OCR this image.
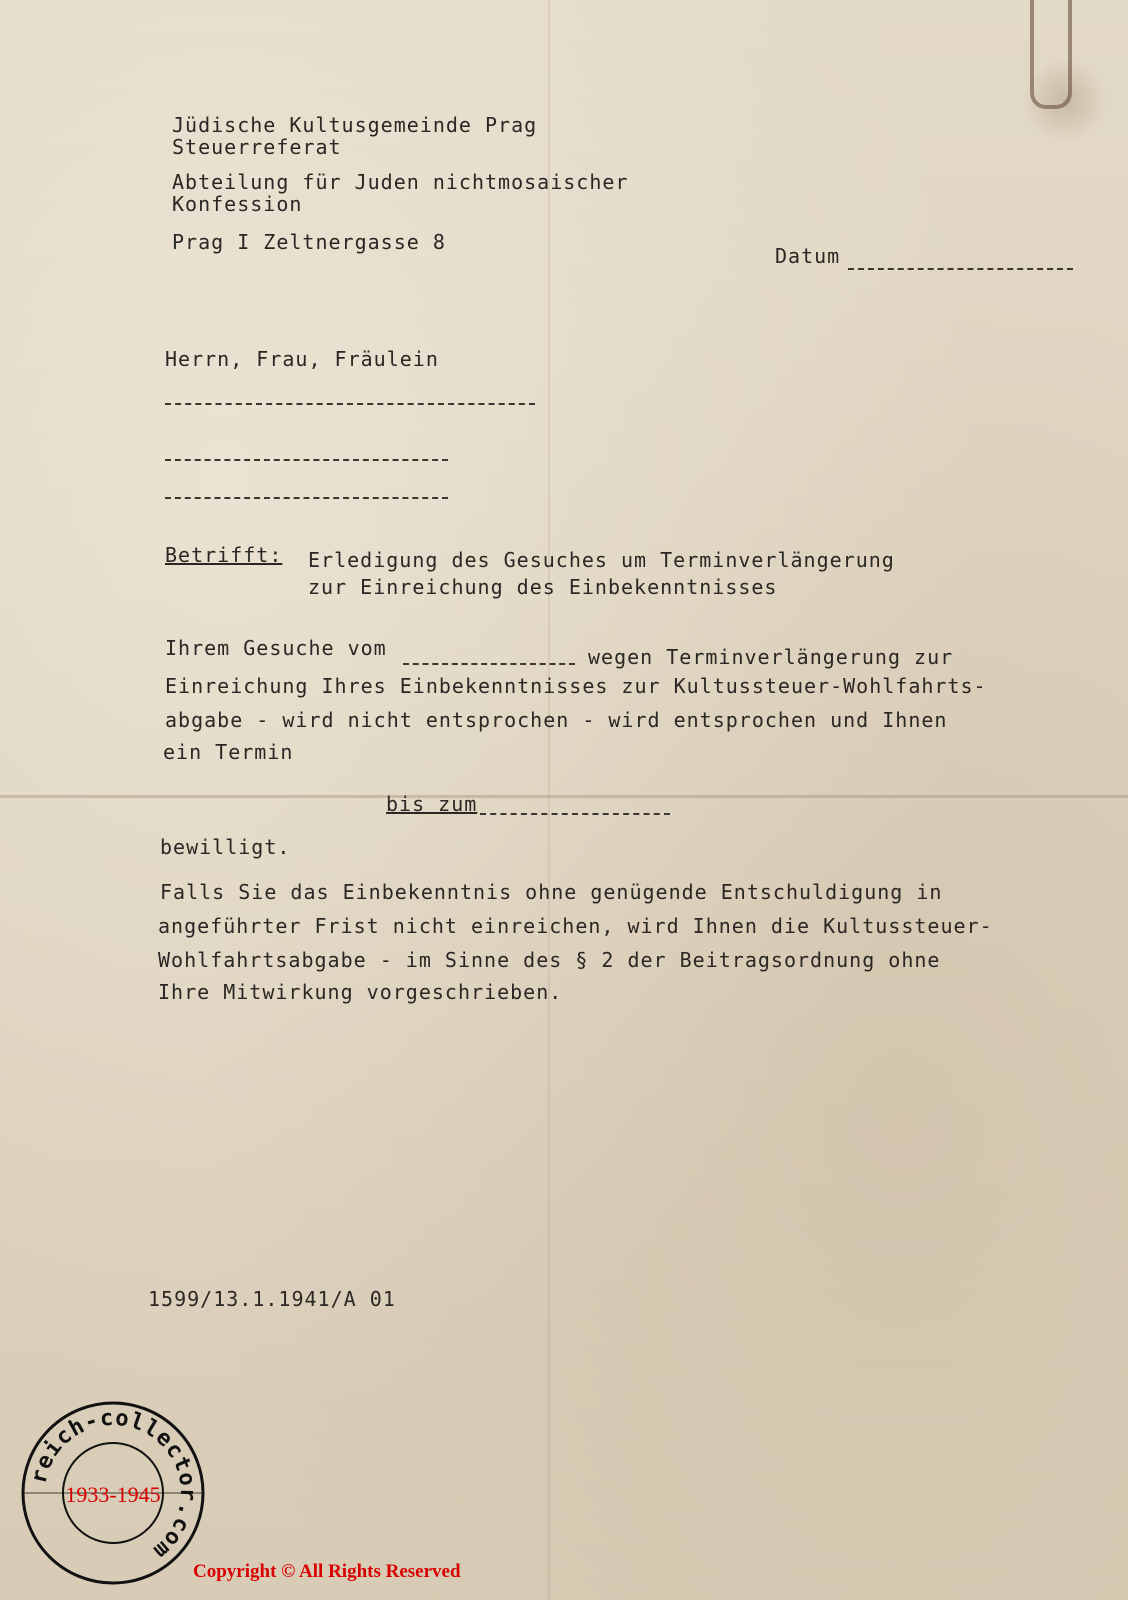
Jüdische Kultusgemeinde Prag
Steuerreferat
Abteilung für Juden nichtmosaischer
Konfession
Prag I Zeltnergasse 8
Datum
Herrn, Frau, Fräulein
Betrifft: Erledigung des Gesuches um Terminverlängerung
zur Einreichung des Einbekenntnisses
Ihrem Gesuche vom	wegen Terminverlängerung zur
Einreichung Ihres Einbekenntnisses zur Kultussteuer-Wohlfahrts-
abgabe - wird nicht entsprochen - wird entsprochen und Ihnen
ein Termin
bis zum
bewilligt.
Falls Sie das Einbekenntnis ohne genügende Entschuldigung in
angeführter Frist nicht einreichen, wird Ihnen die Kultussteuer-
Wohlfahrtsabgabe - im Sinne des § 2 der Beitragsordnung ohne
Ihre Mitwirkung vorgeschrieben.
1599/13.1.1941/A 01
reich-collector.com
1933-1945
Copyright © All Rights Reserved
